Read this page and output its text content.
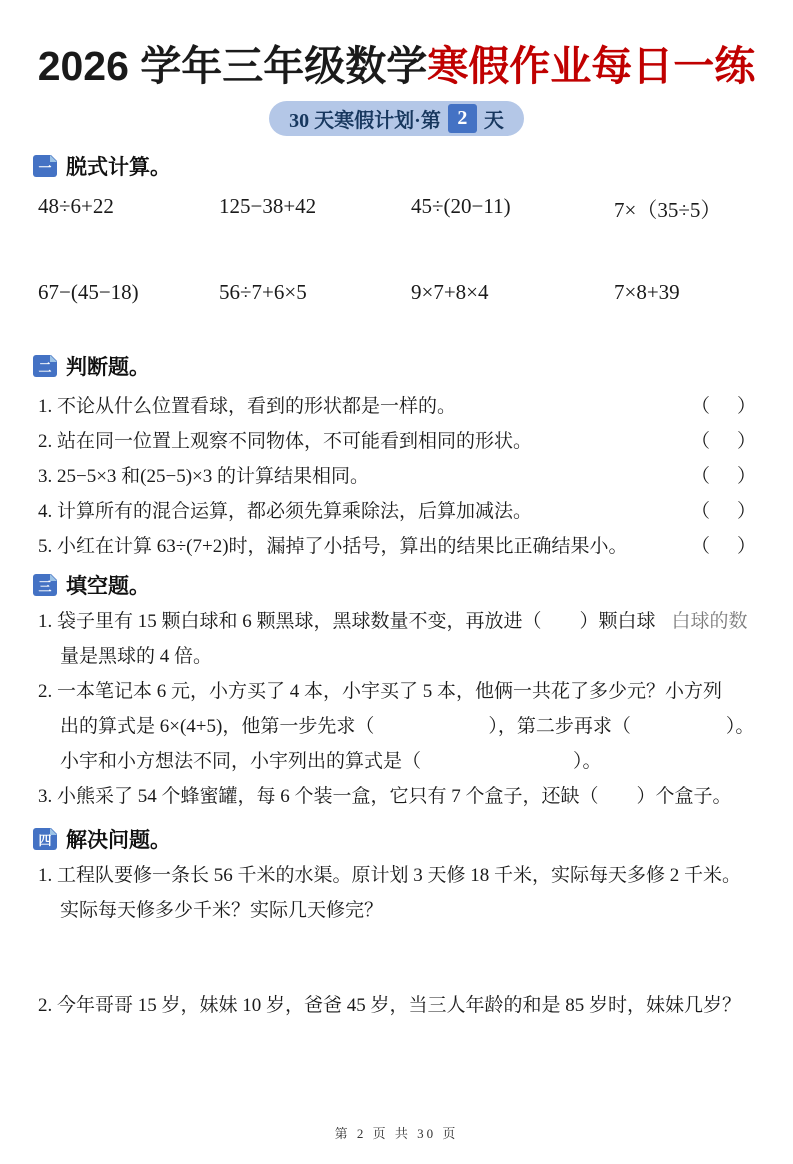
2026 学年三年级数学寒假作业每日一练
30 天寒假计划·第 2 天
一 脱式计算。
48÷6+22	125−38+42	45÷(20−11)	7×（35÷5）
67−(45−18)	56÷7+6×5	9×7+8×4	7×8+39
二 判断题。
1. 不论从什么位置看球，看到的形状都是一样的。	（　）
2. 站在同一位置上观察不同物体，不可能看到相同的形状。	（　）
3. 25−5×3 和(25−5)×3 的计算结果相同。	（　）
4. 计算所有的混合运算，都必须先算乘除法，后算加减法。	（　）
5. 小红在计算 63÷(7+2)时，漏掉了小括号，算出的结果比正确结果小。	（　）
三 填空题。
1. 袋子里有 15 颗白球和 6 颗黑球，黑球数量不变，再放进（　　）颗白球 白球的数
量是黑球的 4 倍。
2. 一本笔记本 6 元，小方买了 4 本，小宇买了 5 本，他俩一共花了多少元？小方列
出的算式是 6×(4+5)，他第一步先求（　　　　　　），第二步再求（　　　　　）。
小宇和小方想法不同，小宇列出的算式是（　　　　　　　　）。
3. 小熊采了 54 个蜂蜜罐，每 6 个装一盒，它只有 7 个盒子，还缺（　　）个盒子。
四 解决问题。
1. 工程队要修一条长 56 千米的水渠。原计划 3 天修 18 千米，实际每天多修 2 千米。
实际每天修多少千米？实际几天修完？
2. 今年哥哥 15 岁，妹妹 10 岁，爸爸 45 岁，当三人年龄的和是 85 岁时，妹妹几岁？
第 2 页 共 30 页
